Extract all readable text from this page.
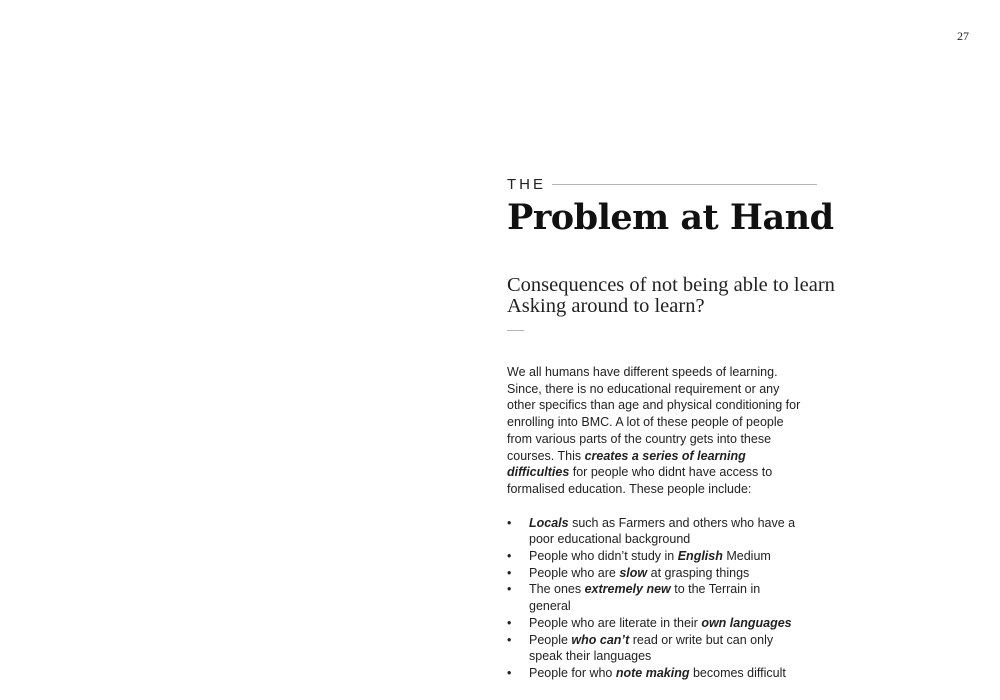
27
THE
Problem at Hand
Consequences of not being able to learn
Asking around to learn?

We all humans have different speeds of learning. Since, there is no educational requirement or any other specifics than age and physical conditioning for enrolling into BMC. A lot of these people of people from various parts of the country gets into these courses. This creates a series of learning difficulties for people who didnt have access to formalised education. These people include:

• Locals such as Farmers and others who have a poor educational background
• People who didn’t study in English Medium
• People who are slow at grasping things
• The ones extremely new to the Terrain in general
• People who are literate in their own languages
• People who can’t read or write but can only speak their languages
• People for who note making becomes difficult
